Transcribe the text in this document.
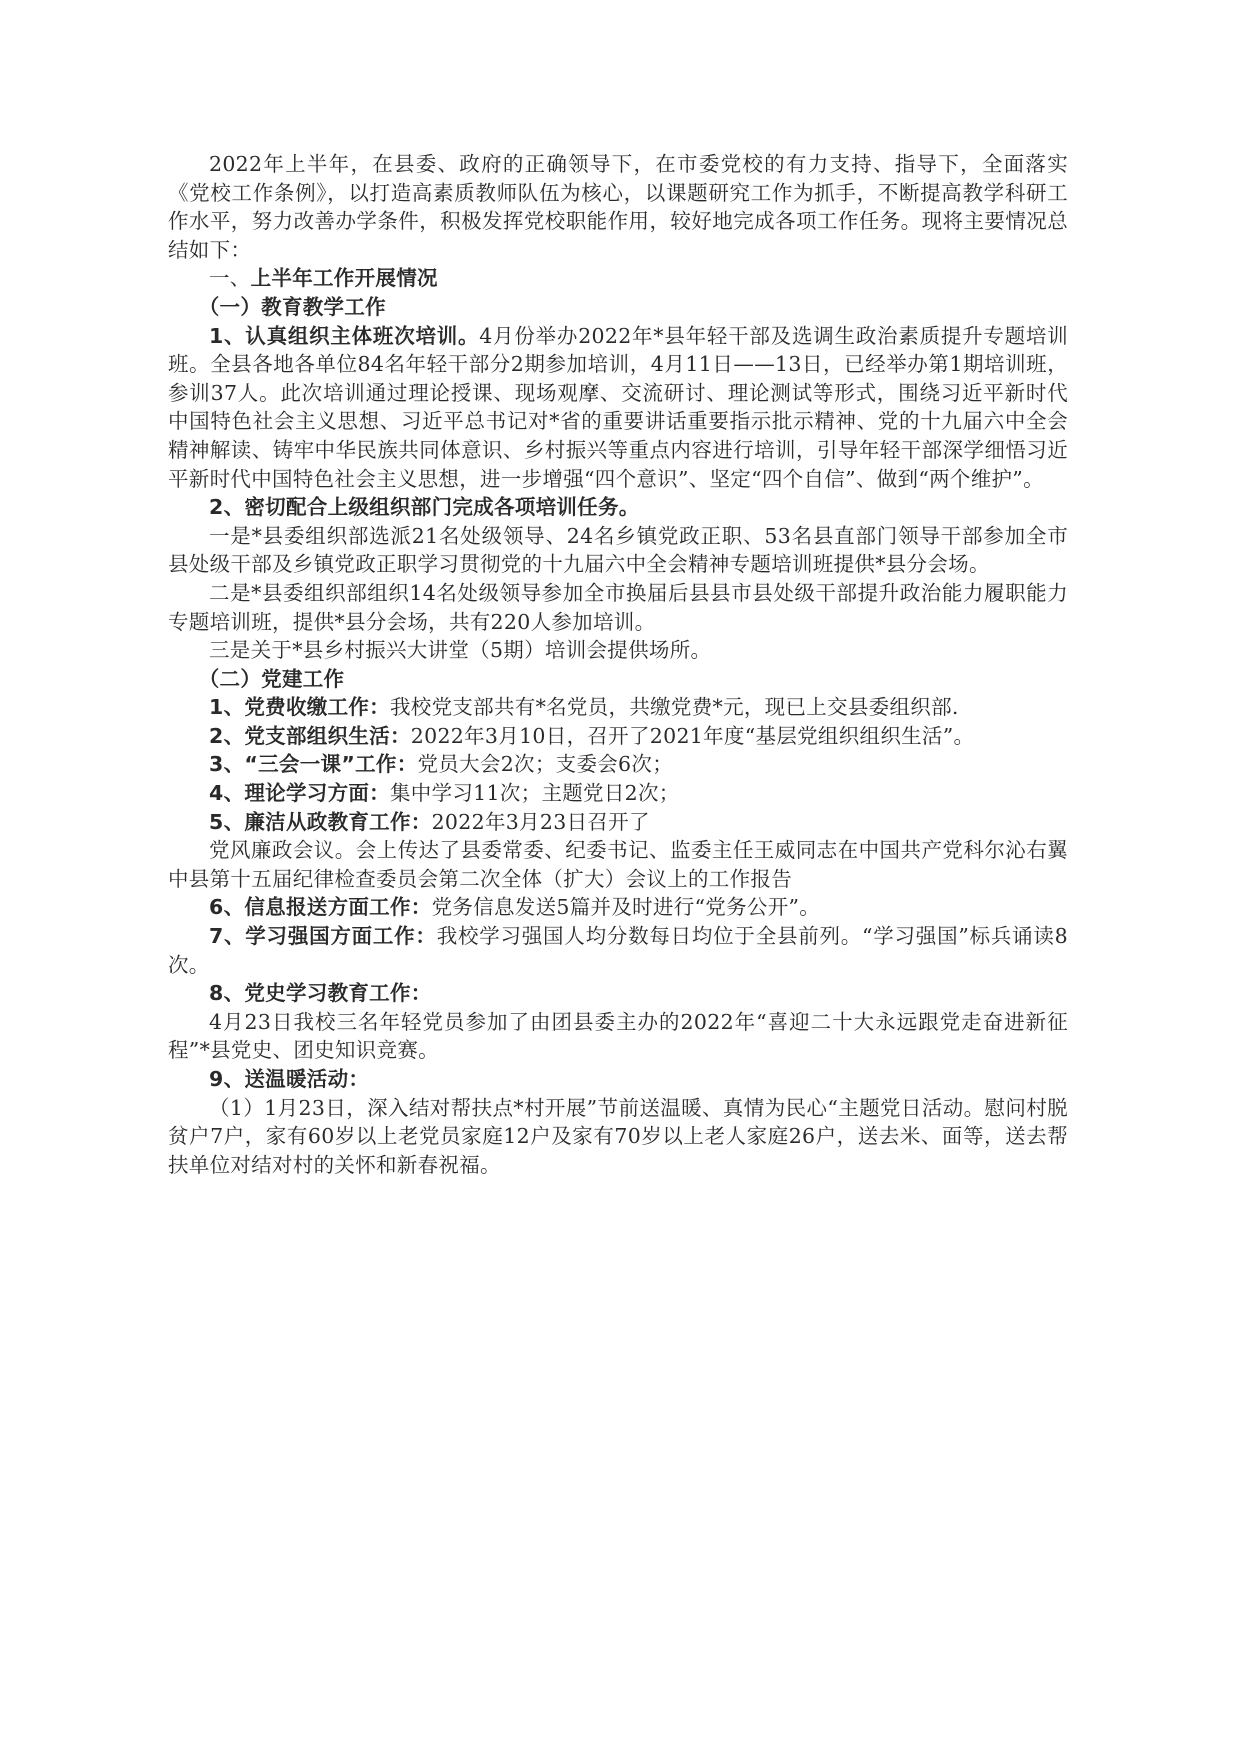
2022年上半年，在县委、政府的正确领导下，在市委党校的有力支持、指导下，全面落实《党校工作条例》，以打造高素质教师队伍为核心，以课题研究工作为抓手，不断提高教学科研工作水平，努力改善办学条件，积极发挥党校职能作用，较好地完成各项工作任务。现将主要情况总结如下：

一、上半年工作开展情况

（一）教育教学工作

1、认真组织主体班次培训。4月份举办2022年*县年轻干部及选调生政治素质提升专题培训班。全县各地各单位84名年轻干部分2期参加培训，4月11日——13日，已经举办第1期培训班，参训37人。此次培训通过理论授课、现场观摩、交流研讨、理论测试等形式，围绕习近平新时代中国特色社会主义思想、习近平总书记对*省的重要讲话重要指示批示精神、党的十九届六中全会精神解读、铸牢中华民族共同体意识、乡村振兴等重点内容进行培训，引导年轻干部深学细悟习近平新时代中国特色社会主义思想，进一步增强“四个意识”、坚定“四个自信”、做到“两个维护”。

2、密切配合上级组织部门完成各项培训任务。

一是*县委组织部选派21名处级领导、24名乡镇党政正职、53名县直部门领导干部参加全市县处级干部及乡镇党政正职学习贯彻党的十九届六中全会精神专题培训班提供*县分会场。

二是*县委组织部组织14名处级领导参加全市换届后县县市县处级干部提升政治能力履职能力专题培训班，提供*县分会场，共有220人参加培训。

三是关于*县乡村振兴大讲堂（5期）培训会提供场所。

（二）党建工作

1、党费收缴工作：我校党支部共有*名党员，共缴党费*元，现已上交县委组织部.

2、党支部组织生活：2022年3月10日，召开了2021年度“基层党组织组织生活”。

3、“三会一课”工作：党员大会2次；支委会6次；

4、理论学习方面：集中学习11次；主题党日2次；

5、廉洁从政教育工作：2022年3月23日召开了

党风廉政会议。会上传达了县委常委、纪委书记、监委主任王威同志在中国共产党科尔沁右翼中县第十五届纪律检查委员会第二次全体（扩大）会议上的工作报告

6、信息报送方面工作：党务信息发送5篇并及时进行“党务公开”。

7、学习强国方面工作：我校学习强国人均分数每日均位于全县前列。“学习强国”标兵诵读8次。

8、党史学习教育工作：

4月23日我校三名年轻党员参加了由团县委主办的2022年“喜迎二十大永远跟党走奋进新征程”*县党史、团史知识竞赛。

9、送温暖活动：

（1）1月23日，深入结对帮扶点*村开展”节前送温暖、真情为民心“主题党日活动。慰问村脱贫户7户，家有60岁以上老党员家庭12户及家有70岁以上老人家庭26户，送去米、面等，送去帮扶单位对结对村的关怀和新春祝福。
